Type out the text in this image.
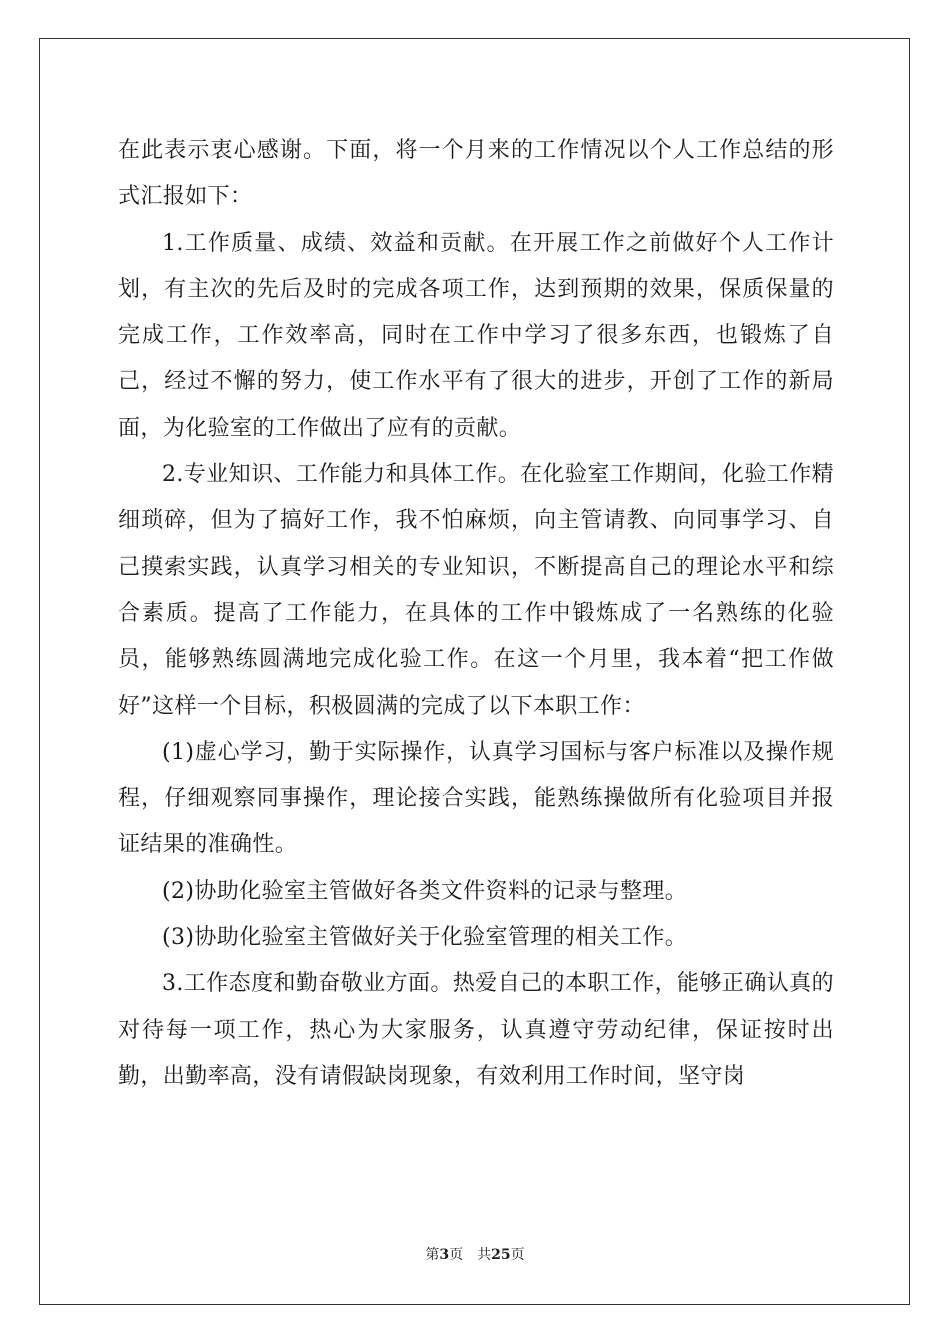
在此表示衷心感谢。下面，将一个月来的工作情况以个人工作总结的形式汇报如下：

1.工作质量、成绩、效益和贡献。在开展工作之前做好个人工作计划，有主次的先后及时的完成各项工作，达到预期的效果，保质保量的完成工作，工作效率高，同时在工作中学习了很多东西，也锻炼了自己，经过不懈的努力，使工作水平有了很大的进步，开创了工作的新局面，为化验室的工作做出了应有的贡献。

2.专业知识、工作能力和具体工作。在化验室工作期间，化验工作精细琐碎，但为了搞好工作，我不怕麻烦，向主管请教、向同事学习、自己摸索实践，认真学习相关的专业知识，不断提高自己的理论水平和综合素质。提高了工作能力，在具体的工作中锻炼成了一名熟练的化验员，能够熟练圆满地完成化验工作。在这一个月里，我本着“把工作做好”这样一个目标，积极圆满的完成了以下本职工作：

(1)虚心学习，勤于实际操作，认真学习国标与客户标准以及操作规程，仔细观察同事操作，理论接合实践，能熟练操做所有化验项目并报证结果的准确性。

(2)协助化验室主管做好各类文件资料的记录与整理。

(3)协助化验室主管做好关于化验室管理的相关工作。

3.工作态度和勤奋敬业方面。热爱自己的本职工作，能够正确认真的对待每一项工作，热心为大家服务，认真遵守劳动纪律，保证按时出勤，出勤率高，没有请假缺岗现象，有效利用工作时间，坚守岗

第3页 共25页
